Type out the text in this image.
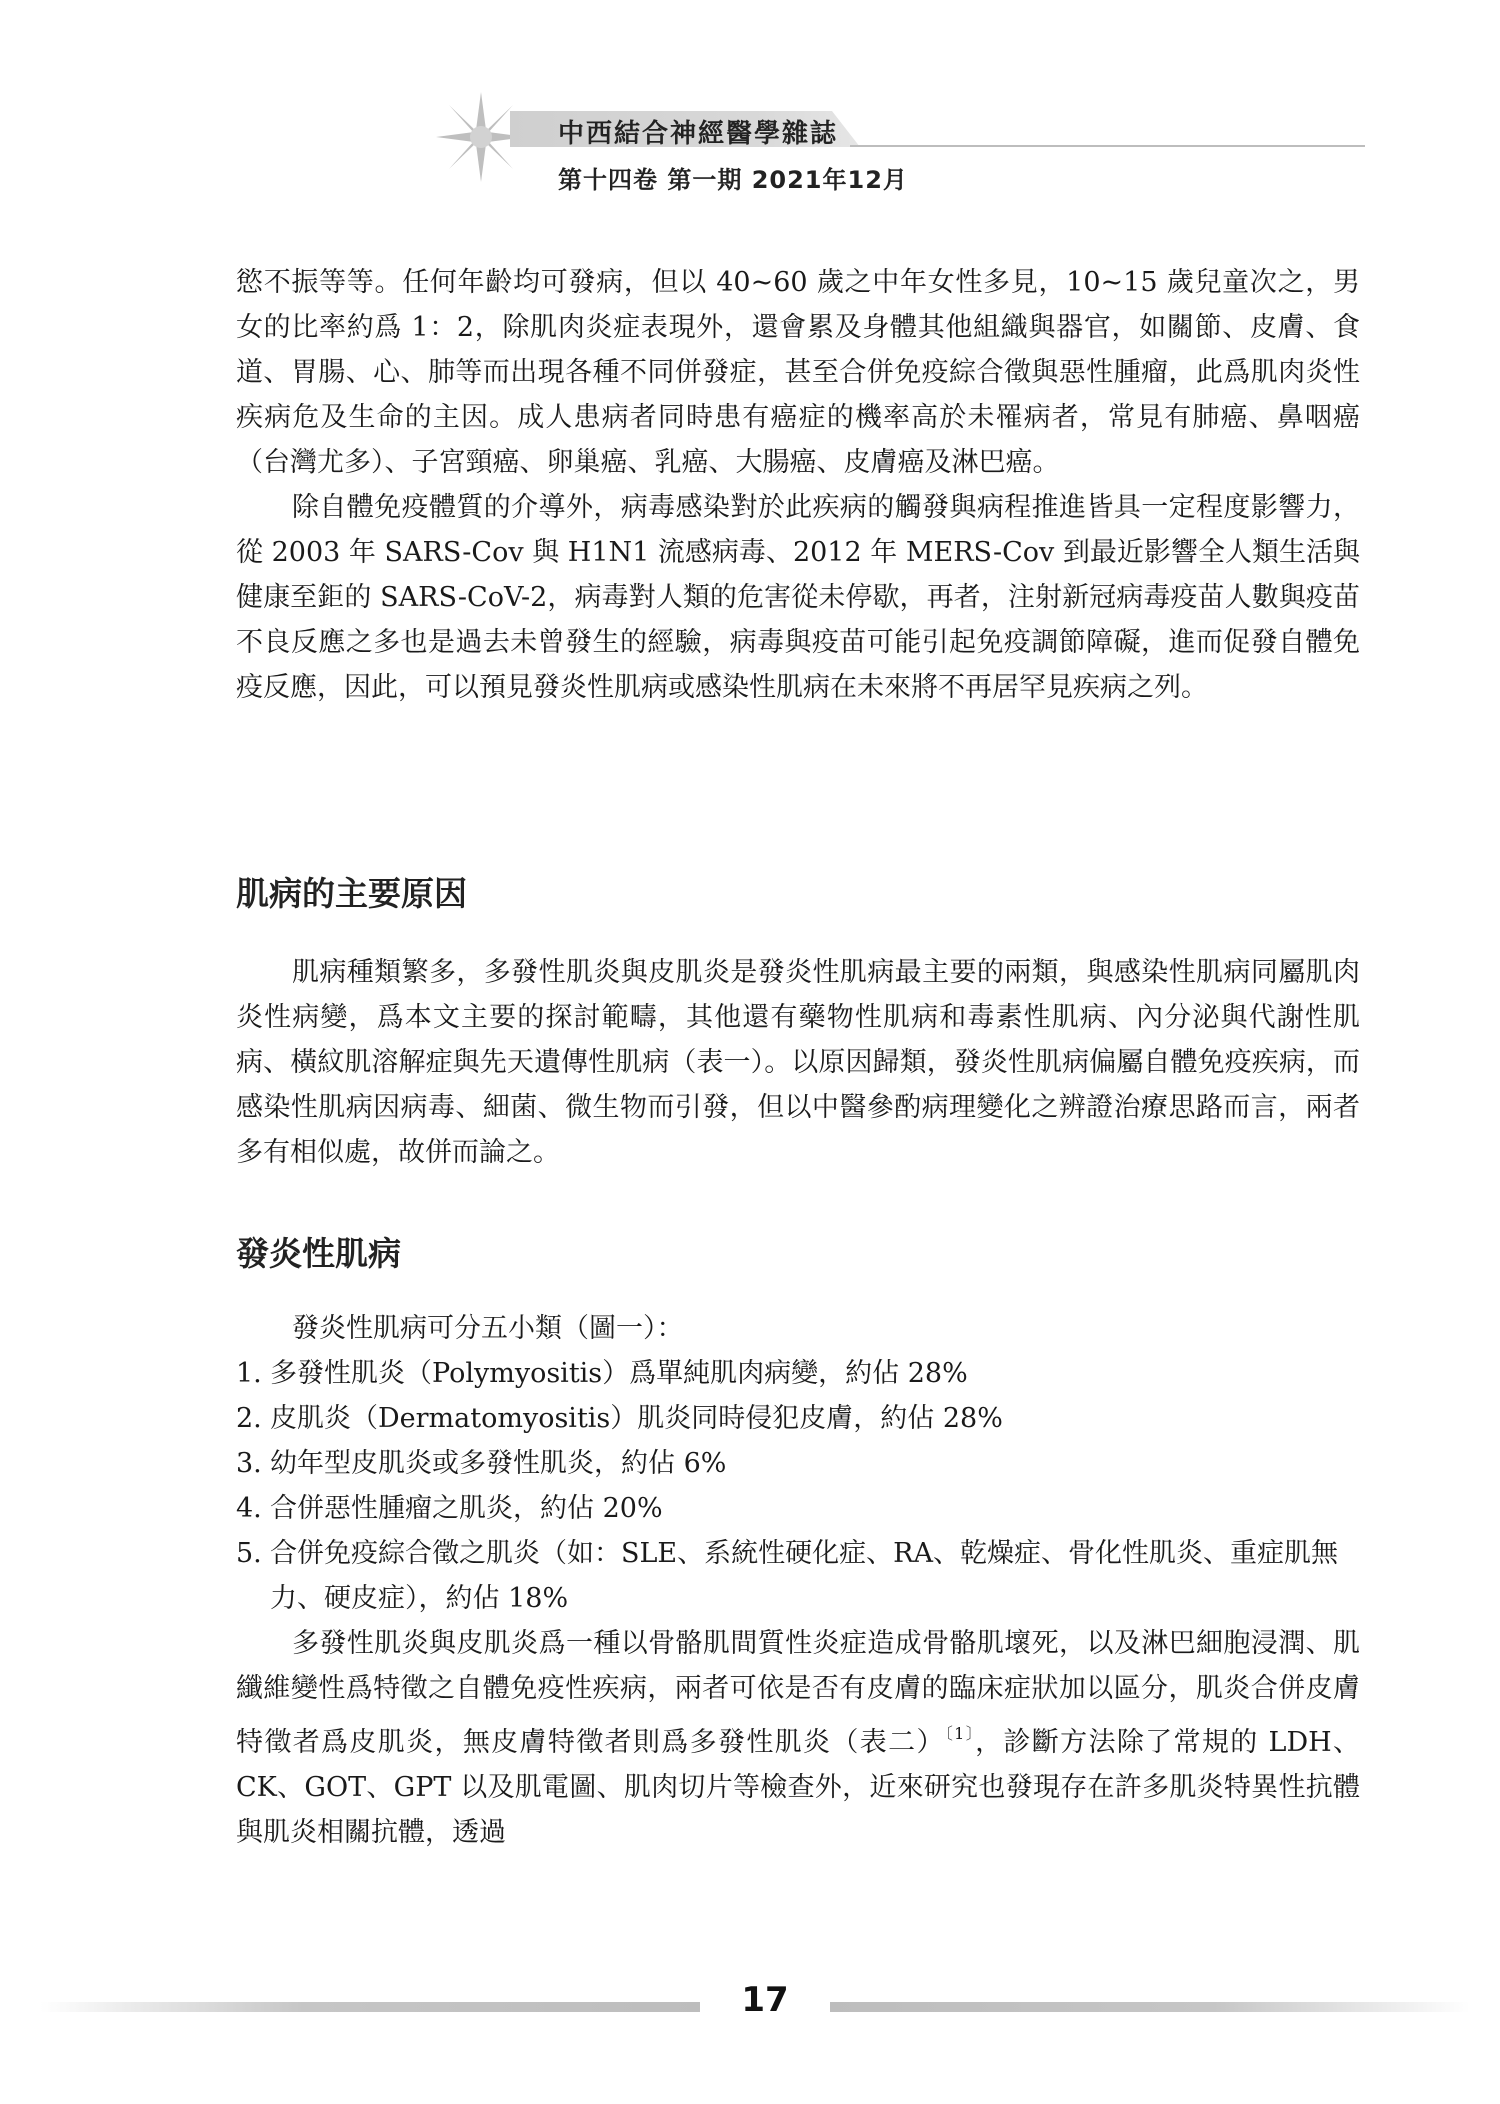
中西結合神經醫學雜誌
第十四卷 第一期 2021年12月

慾不振等等。任何年齡均可發病，但以 40~60 歲之中年女性多見，10~15 歲兒童次之，男女的比率約爲 1：2，除肌肉炎症表現外，還會累及身體其他組織與器官，如關節、皮膚、食道、胃腸、心、肺等而出現各種不同併發症，甚至合併免疫綜合徵與惡性腫瘤，此爲肌肉炎性疾病危及生命的主因。成人患病者同時患有癌症的機率高於未罹病者，常見有肺癌、鼻咽癌（台灣尤多）、子宮頸癌、卵巢癌、乳癌、大腸癌、皮膚癌及淋巴癌。

除自體免疫體質的介導外，病毒感染對於此疾病的觸發與病程推進皆具一定程度影響力，從 2003 年 SARS-Cov 與 H1N1 流感病毒、2012 年 MERS-Cov 到最近影響全人類生活與健康至鉅的 SARS-CoV-2，病毒對人類的危害從未停歇，再者，注射新冠病毒疫苗人數與疫苗不良反應之多也是過去未曾發生的經驗，病毒與疫苗可能引起免疫調節障礙，進而促發自體免疫反應，因此，可以預見發炎性肌病或感染性肌病在未來將不再居罕見疾病之列。

肌病的主要原因

肌病種類繁多，多發性肌炎與皮肌炎是發炎性肌病最主要的兩類，與感染性肌病同屬肌肉炎性病變，爲本文主要的探討範疇，其他還有藥物性肌病和毒素性肌病、內分泌與代謝性肌病、橫紋肌溶解症與先天遺傳性肌病（表一）。以原因歸類，發炎性肌病偏屬自體免疫疾病，而感染性肌病因病毒、細菌、微生物而引發，但以中醫參酌病理變化之辨證治療思路而言，兩者多有相似處，故併而論之。

發炎性肌病

發炎性肌病可分五小類（圖一）：

1. 多發性肌炎（Polymyositis）爲單純肌肉病變，約佔 28%
2. 皮肌炎（Dermatomyositis）肌炎同時侵犯皮膚，約佔 28%
3. 幼年型皮肌炎或多發性肌炎，約佔 6%
4. 合併惡性腫瘤之肌炎，約佔 20%
5. 合併免疫綜合徵之肌炎（如：SLE、系統性硬化症、RA、乾燥症、骨化性肌炎、重症肌無力、硬皮症），約佔 18%

多發性肌炎與皮肌炎爲一種以骨骼肌間質性炎症造成骨骼肌壞死，以及淋巴細胞浸潤、肌纖維變性爲特徵之自體免疫性疾病，兩者可依是否有皮膚的臨床症狀加以區分，肌炎合併皮膚特徵者爲皮肌炎，無皮膚特徵者則爲多發性肌炎（表二）$^{〔1〕}$，診斷方法除了常規的 LDH、CK、GOT、GPT 以及肌電圖、肌肉切片等檢查外，近來研究也發現存在許多肌炎特異性抗體與肌炎相關抗體，透過

17
